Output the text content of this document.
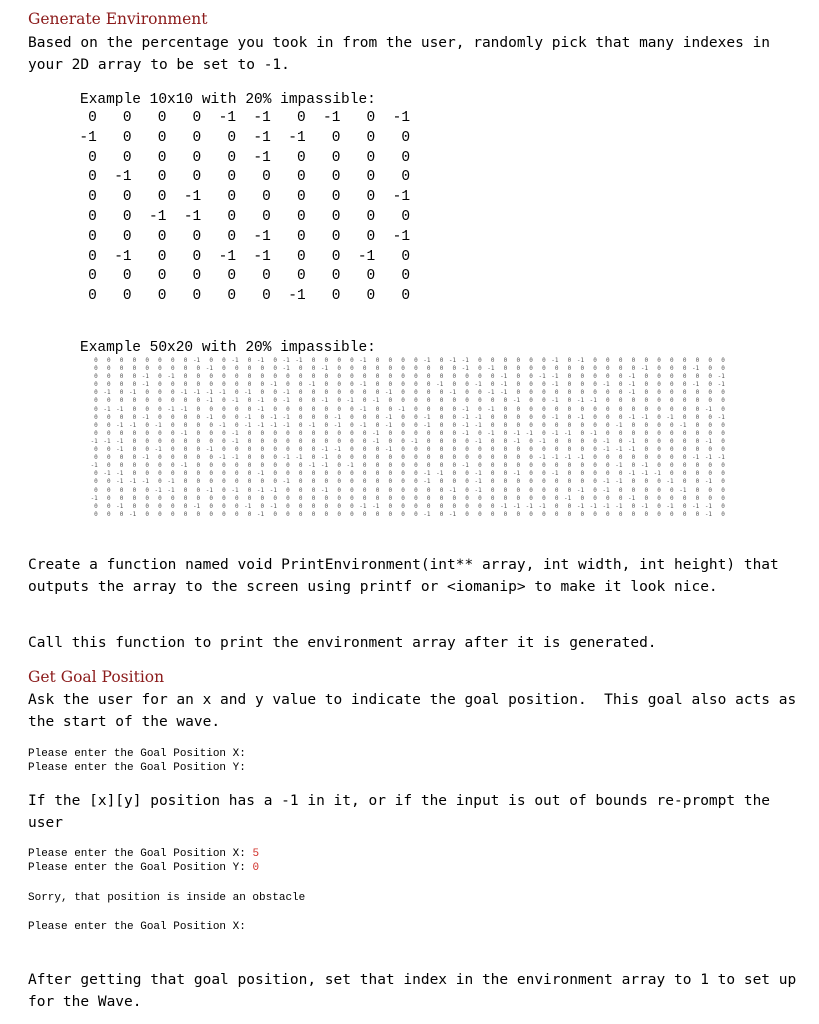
Generate Environment
Based on the percentage you took in from the user, randomly pick that many indexes in your 2D array to be set to -1.
Example 10x10 with 20% impassible:
0   0   0   0  -1  -1   0  -1   0  -1
-1   0   0   0   0  -1  -1   0   0   0
0   0   0   0   0  -1   0   0   0   0
0  -1   0   0   0   0   0   0   0   0
0   0   0  -1   0   0   0   0   0  -1
0   0  -1  -1   0   0   0   0   0   0
0   0   0   0   0  -1   0   0   0  -1
0  -1   0   0  -1  -1   0   0  -1   0
0   0   0   0   0   0   0   0   0   0
0   0   0   0   0   0  -1   0   0   0
Example 50x20 with 20% impassible:
0	0	0	0	0	0	0	0 -1	0	0 -1	0 -1	0 -1 -1	0	0	0	0 -1	0	0	0	0 -1	0 -1 -1	0	0	0	0	0	0 -1	0 -1	0	0	0	0	0	0	0	0	0	0	0
0	0	0	0	0	0	0	0	0 -1	0	0	0	0	0 -1	0	0 -1	0	0	0	0	0	0	0	0	0	0 -1	0 -1	0	0	0	0	0	0	0	0	0	0	0 -1	0	0	0 -1	0	0
0	0	0	0 -1	0 -1	0	0	0	0	0	0	0	0	0	0	0	0	0	0	0	0	0	0	0	0	0	0	0	0	0 -1	0	0 -1 -1	0	0	0	0	0 -1	0	0	0	0	0	0 -1
0	0	0	0 -1	0	0	0	0	0	0	0	0	0 -1	0	0 -1	0	0	0 -1	0	0	0	0	0 -1	0	0 -1	0 -1	0	0	0 -1	0	0	0 -1	0 -1	0	0	0	0 -1	0 -1
0 -1	0 -1	0	0	0 -1 -1 -1 -1	0 -1	0	0 -1	0	0	0	0	0	0	0 -1	0	0	0	0 -1	0	0 -1 -1	0	0	0	0	0	0	0	0	0 -1	0	0	0	0	0	0	0
0	0	0	0	0	0	0	0	0 -1	0 -1	0 -1	0 -1	0	0 -1	0 -1	0 -1	0	0	0	0	0	0	0	0	0	0 -1	0	0 -1	0 -1 -1	0	0	0	0	0	0	0	0	0	0
0 -1 -1	0	0	0 -1 -1	0	0	0	0	0 -1	0	0	0	0	0	0	0 -1	0	0 -1	0	0	0	0 -1	0 -1	0	0	0	0	0	0	0	0	0	0	0	0	0	0	0	0 -1	0
0	0	0	0 -1	0	0	0	0 -1	0	0 -1	0 -1 -1	0	0	0 -1	0	0	0 -1	0	0 -1	0	0 -1 -1	0	0	0	0	0 -1	0 -1	0	0	0 -1 -1	0 -1	0	0	0 -1
0	0 -1 -1	0 -1	0	0	0	0 -1	0 -1 -1 -1 -1	0 -1	0 -1	0 -1	0 -1	0	0 -1	0	0 -1 -1	0	0	0	0	0	0	0	0	0	0 -1	0	0	0	0 -1	0	0	0
0	0	0	0	0	0	0 -1	0	0	0 -1	0	0	0	0	0	0	0	0	0	0 -1	0	0	0	0	0	0 -1	0 -1	0 -1 -1	0 -1 -1	0 -1	0	0	0	0	0	0	0	0	0	0
-1 -1 -1	0	0	0	0	0	0	0	0 -1	0	0	0	0	0	0	0	0	0	0 -1	0	0 -1	0	0	0	0 -1	0	0 -1	0 -1	0	0	0	0 -1	0 -1	0	0	0	0	0 -1	0
0	0 -1	0	0 -1	0	0	0 -1	0	0	0	0	0	0	0	0 -1 -1	0	0	0 -1	0	0	0	0	0	0	0	0	0	0	0	0	0	0	0	0 -1 -1 -1	0	0	0	0	0	0	0
0	0	0	0 -1	0	0	0	0	0 -1 -1	0	0	0 -1 -1	0 -1	0	0	0	0	0	0	0	0	0	0	0	0	0	0	0	0 -1 -1 -1 -1	0	0	0	0	0	0	0	0 -1 -1 -1
-1	0	0	0	0	0	0 -1	0	0	0	0	0	0	0	0	0 -1 -1	0 -1	0	0	0	0	0	0	0	0 -1	0	0	0	0	0	0	0	0	0	0	0 -1	0 -1	0	0	0	0	0	0
0 -1 -1	0	0	0	0	0	0	0	0	0	0 -1	0	0	0	0	0	0	0	0	0	0	0	0 -1 -1	0	0 -1	0	0 -1	0	0 -1	0	0	0	0	0 -1 -1 -1	0	0	0	0	0
0	0 -1 -1 -1	0 -1	0	0	0	0	0	0	0	0 -1	0	0	0	0	0	0	0	0	0	0 -1	0	0	0 -1	0	0	0	0	0	0	0	0	0 -1 -1	0	0	0 -1	0	0 -1	0
0	0	0	0	0 -1 -1	0	0 -1	0 -1	0 -1 -1	0	0	0 -1	0	0	0	0	0	0	0	0	0 -1	0 -1	0	0	0	0	0	0	0 -1	0 -1	0	0	0	0	0 -1	0	0	0
-1	0	0	0	0	0	0	0	0	0	0	0	0	0	0	0	0	0	0	0	0	0	0	0	0	0	0	0	0	0	0	0	0	0	0	0	0 -1	0	0	0	0 -1	0	0	0	0	0	0	0
0	0 -1	0	0	0	0	0 -1	0	0	0 -1	0 -1	0	0	0	0	0	0 -1 -1	0	0	0	0	0	0	0	0	0 -1 -1 -1 -1	0	0 -1 -1 -1 -1	0 -1	0 -1	0 -1 -1	0
0	0	0 -1	0	0	0	0	0	0	0	0	0 -1	0	0	0	0	0	0	0	0	0	0	0	0 -1	0 -1	0	0	0	0	0	0	0	0	0	0	0	0	0	0	0	0	0	0	0 -1	0
Create a function named void PrintEnvironment(int** array, int width, int height) that outputs the array to the screen using printf or <iomanip> to make it look nice.
Call this function to print the environment array after it is generated.
Get Goal Position
Ask the user for an x and y value to indicate the goal position.  This goal also acts as the start of the wave.
Please enter the Goal Position X:
Please enter the Goal Position Y:
If the [x][y] position has a -1 in it, or if the input is out of bounds re-prompt the user
Please enter the Goal Position X: 5
Please enter the Goal Position Y: 0
Sorry, that position is inside an obstacle
Please enter the Goal Position X:
After getting that goal position, set that index in the environment array to 1 to set up for the Wave.
